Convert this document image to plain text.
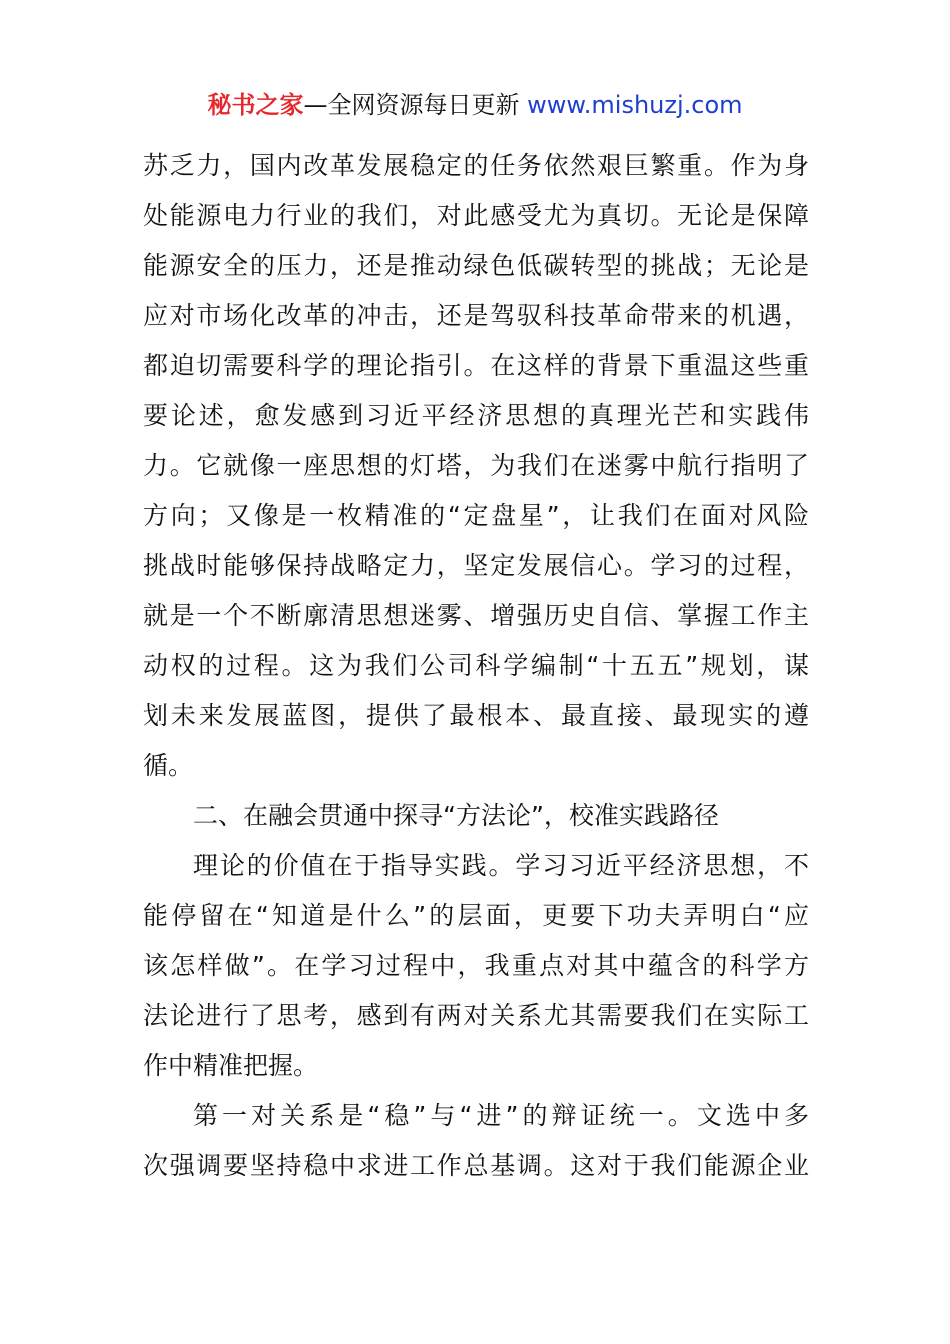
秘书之家—全网资源每日更新 www.mishuzj.com
苏乏力，国内改革发展稳定的任务依然艰巨繁重。作为身
处能源电力行业的我们，对此感受尤为真切。无论是保障
能源安全的压力，还是推动绿色低碳转型的挑战；无论是
应对市场化改革的冲击，还是驾驭科技革命带来的机遇，
都迫切需要科学的理论指引。在这样的背景下重温这些重
要论述，愈发感到习近平经济思想的真理光芒和实践伟
力。它就像一座思想的灯塔，为我们在迷雾中航行指明了
方向；又像是一枚精准的“定盘星”，让我们在面对风险
挑战时能够保持战略定力，坚定发展信心。学习的过程，
就是一个不断廓清思想迷雾、增强历史自信、掌握工作主
动权的过程。这为我们公司科学编制“十五五”规划，谋
划未来发展蓝图，提供了最根本、最直接、最现实的遵
循。
二、在融会贯通中探寻“方法论”，校准实践路径
理论的价值在于指导实践。学习习近平经济思想，不
能停留在“知道是什么”的层面，更要下功夫弄明白“应
该怎样做”。在学习过程中，我重点对其中蕴含的科学方
法论进行了思考，感到有两对关系尤其需要我们在实际工
作中精准把握。
第一对关系是“稳”与“进”的辩证统一。文选中多
次强调要坚持稳中求进工作总基调。这对于我们能源企业
